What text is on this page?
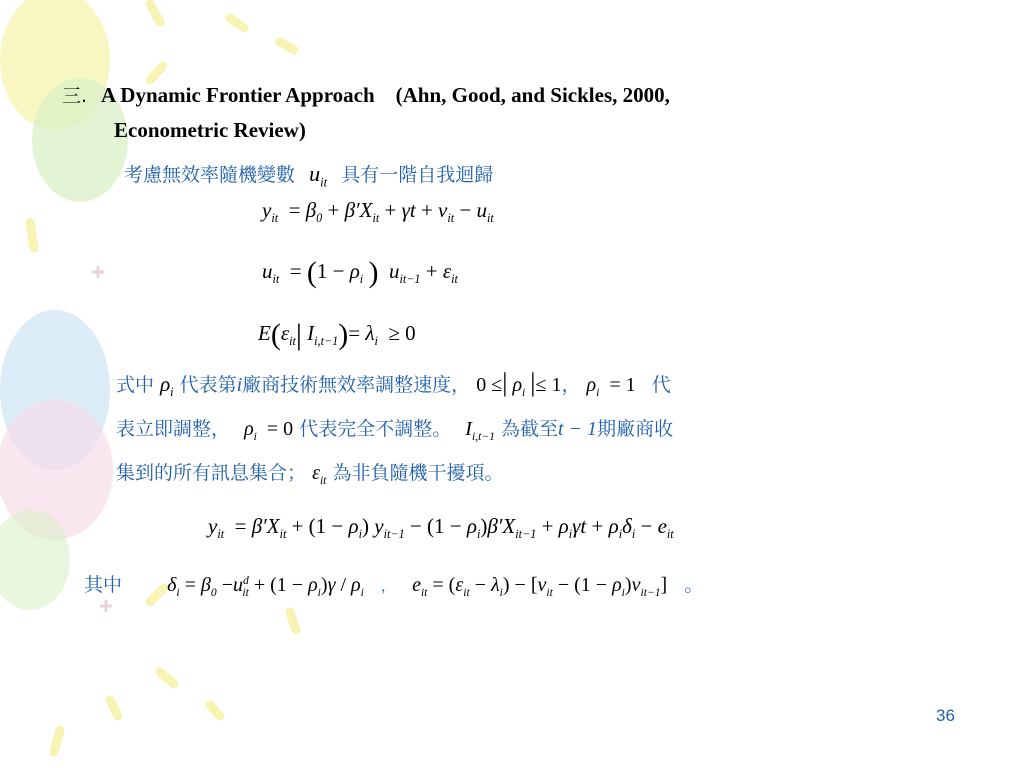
三. A Dynamic Frontier Approach    (Ahn, Good, and Sickles, 2000,
Econometric Review)
考慮無效率隨機變數 $u_{it}$ 具有一階自我迴歸
$y_{it} = \beta_0 + \beta'X_{it} + \gamma t + v_{it} - u_{it}$
$u_{it} = (1 - \rho_i$ )  $u_{it-1} + \varepsilon_{it}$
$E(\varepsilon_{it}|$ $I_{i,t-1})= \lambda_i \ge 0$
式中 $\rho_i$ 代表第i廠商技術無效率調整速度， 0 ≤| $\rho_i$ |≤ 1， $\rho_i = 1$ 代
表立即調整， $\rho_i = 0$ 代表完全不調整。 $I_{i,t-1}$ 為截至t − 1期廠商收
集到的所有訊息集合； $\varepsilon_{it}$ 為非負隨機干擾項。
$y_{it} = \beta'X_{it} + (1 - \rho_i) y_{it-1} - (1 - \rho_i)\beta'X_{it-1} + \rho_i\gamma t + \rho_i\delta_i - e_{it}$
其中 $\delta_i = \beta_0 -u^d_{it} + (1 - \rho_i)\gamma / \rho_i$ ， $e_{it} = (\varepsilon_{it} - \lambda_i) - [v_{it} - (1 - \rho_i)v_{it-1}]$ 。
36
